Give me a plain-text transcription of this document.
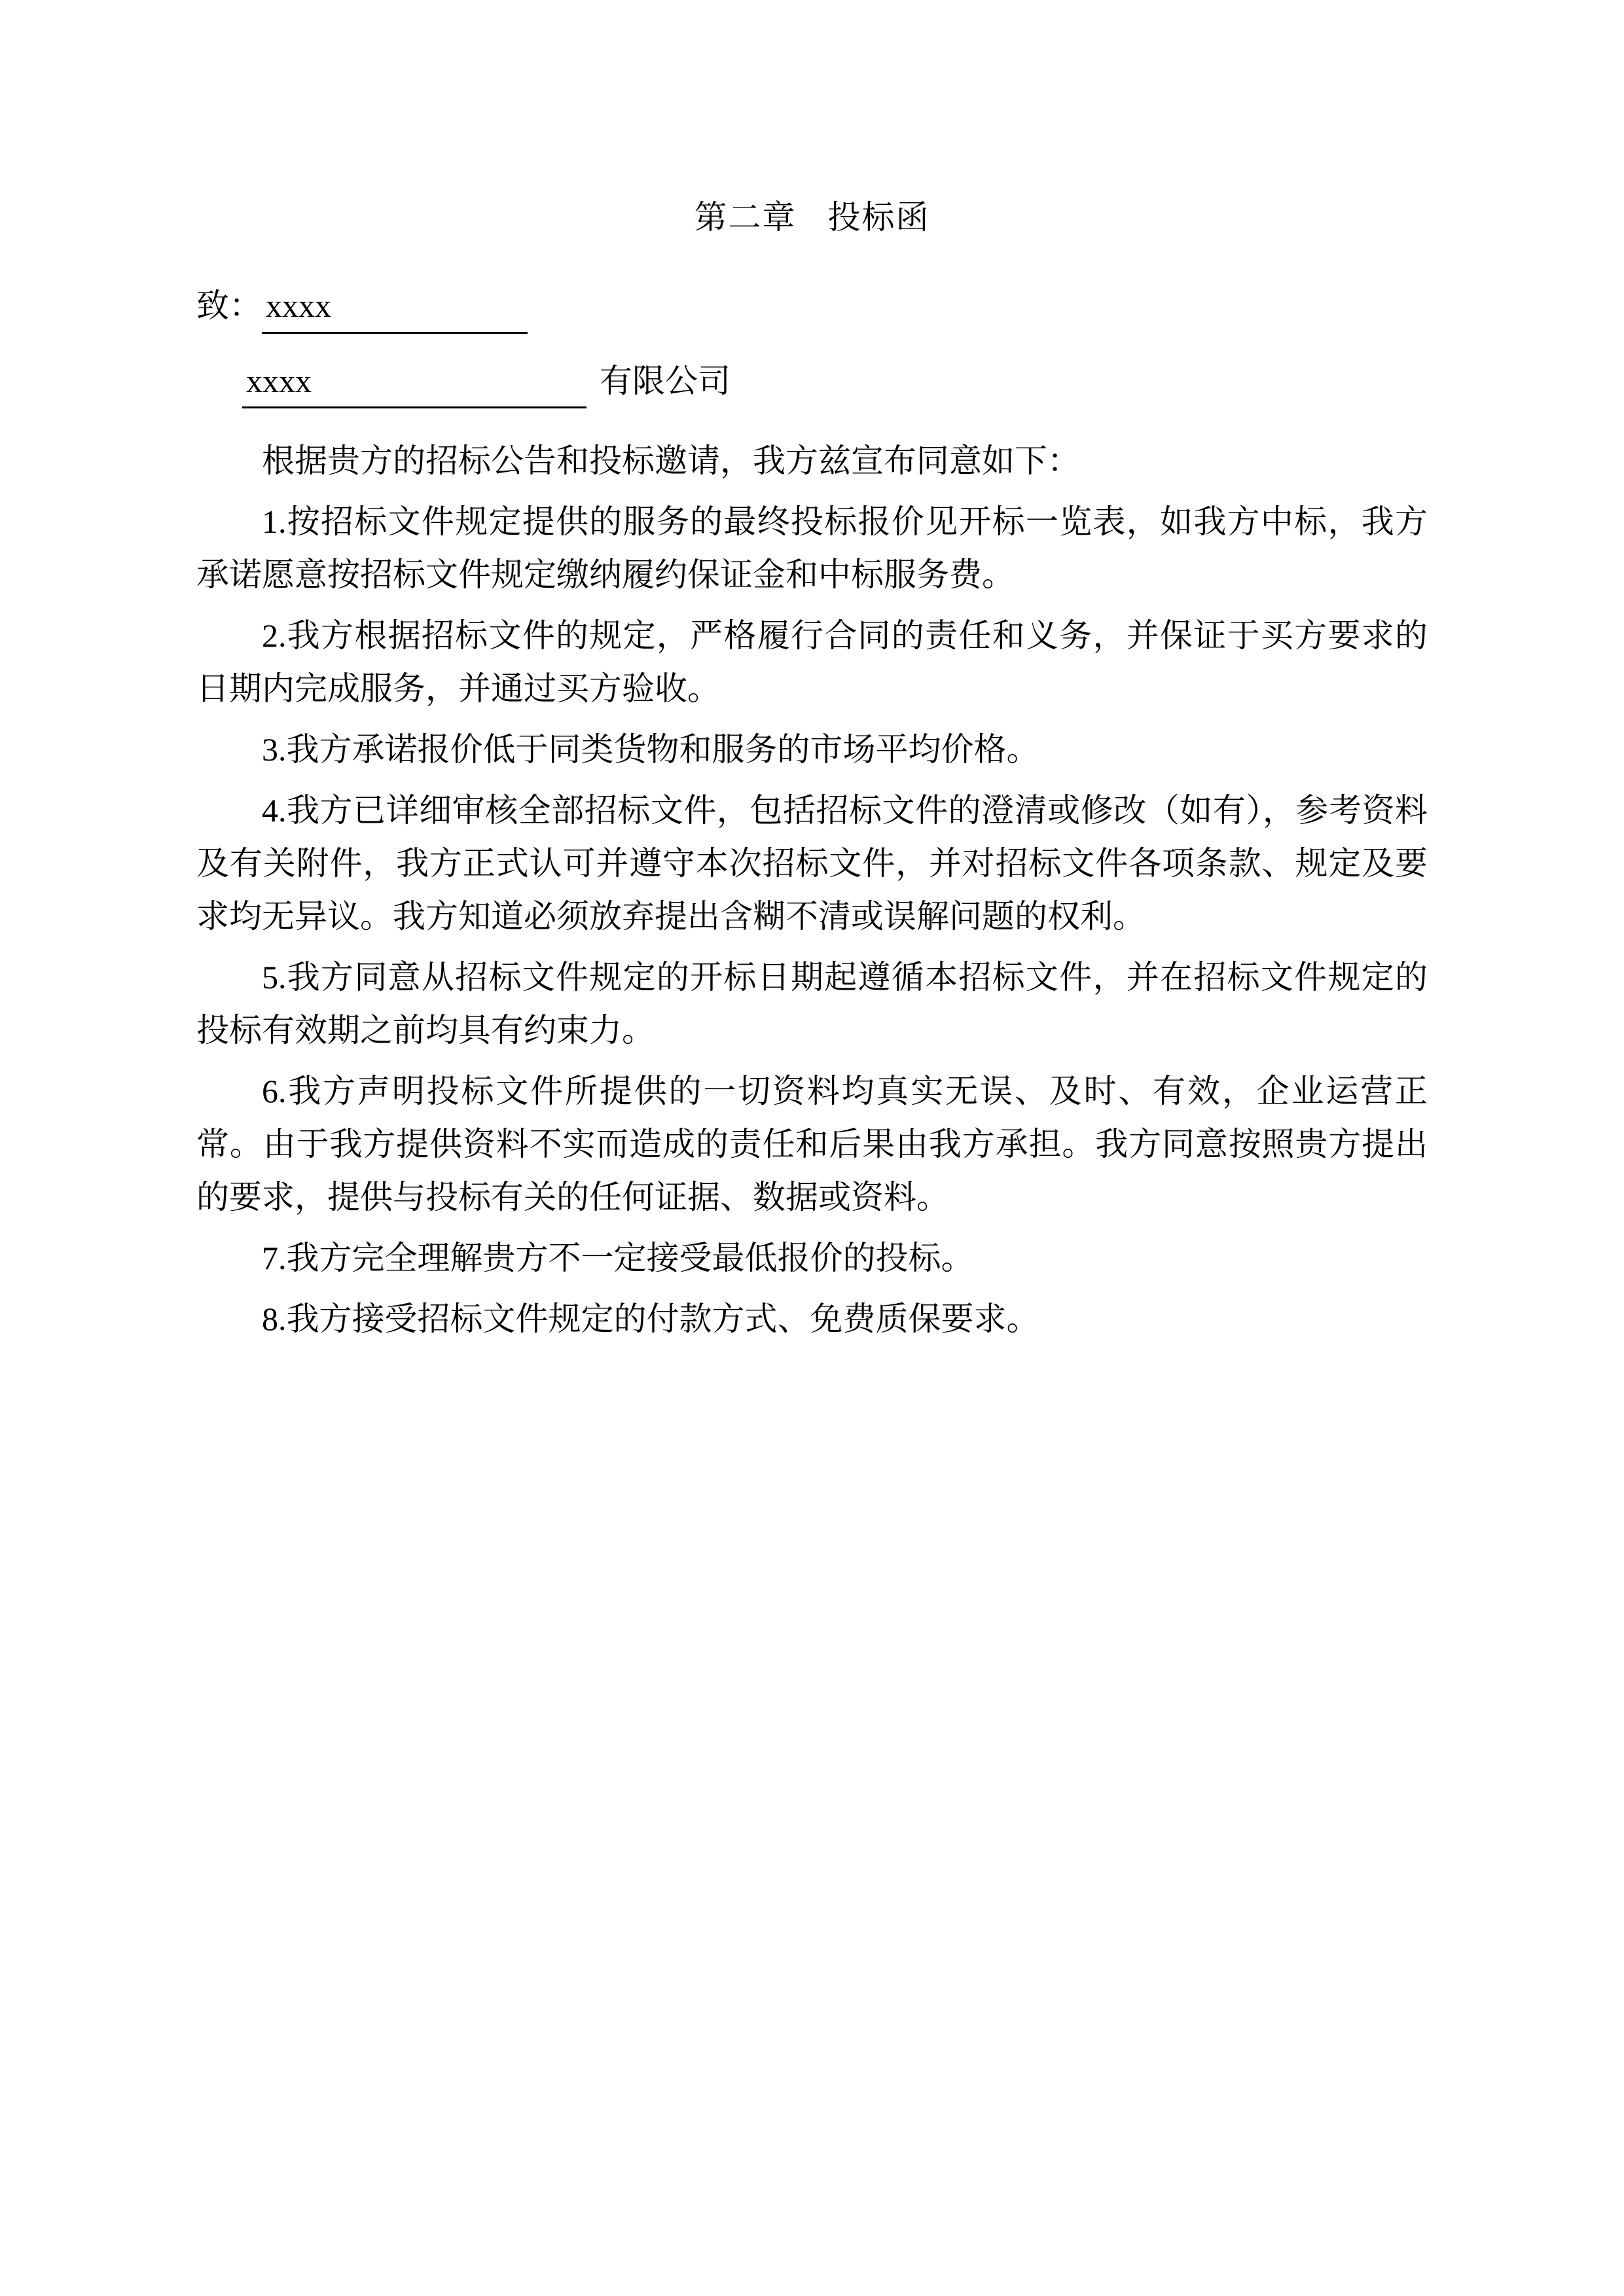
第二章 投标函
致： xxxx
xxxx	有限公司

根据贵方的招标公告和投标邀请，我方兹宣布同意如下：

1.按招标文件规定提供的服务的最终投标报价见开标一览表，如我方中标，我方承诺愿意按招标文件规定缴纳履约保证金和中标服务费。

2.我方根据招标文件的规定，严格履行合同的责任和义务，并保证于买方要求的日期内完成服务，并通过买方验收。

3.我方承诺报价低于同类货物和服务的市场平均价格。

4.我方已详细审核全部招标文件，包括招标文件的澄清或修改（如有），参考资料及有关附件，我方正式认可并遵守本次招标文件，并对招标文件各项条款、规定及要求均无异议。我方知道必须放弃提出含糊不清或误解问题的权利。

5.我方同意从招标文件规定的开标日期起遵循本招标文件，并在招标文件规定的投标有效期之前均具有约束力。

6.我方声明投标文件所提供的一切资料均真实无误、及时、有效，企业运营正常。由于我方提供资料不实而造成的责任和后果由我方承担。我方同意按照贵方提出的要求，提供与投标有关的任何证据、数据或资料。

7.我方完全理解贵方不一定接受最低报价的投标。

8.我方接受招标文件规定的付款方式、免费质保要求。
